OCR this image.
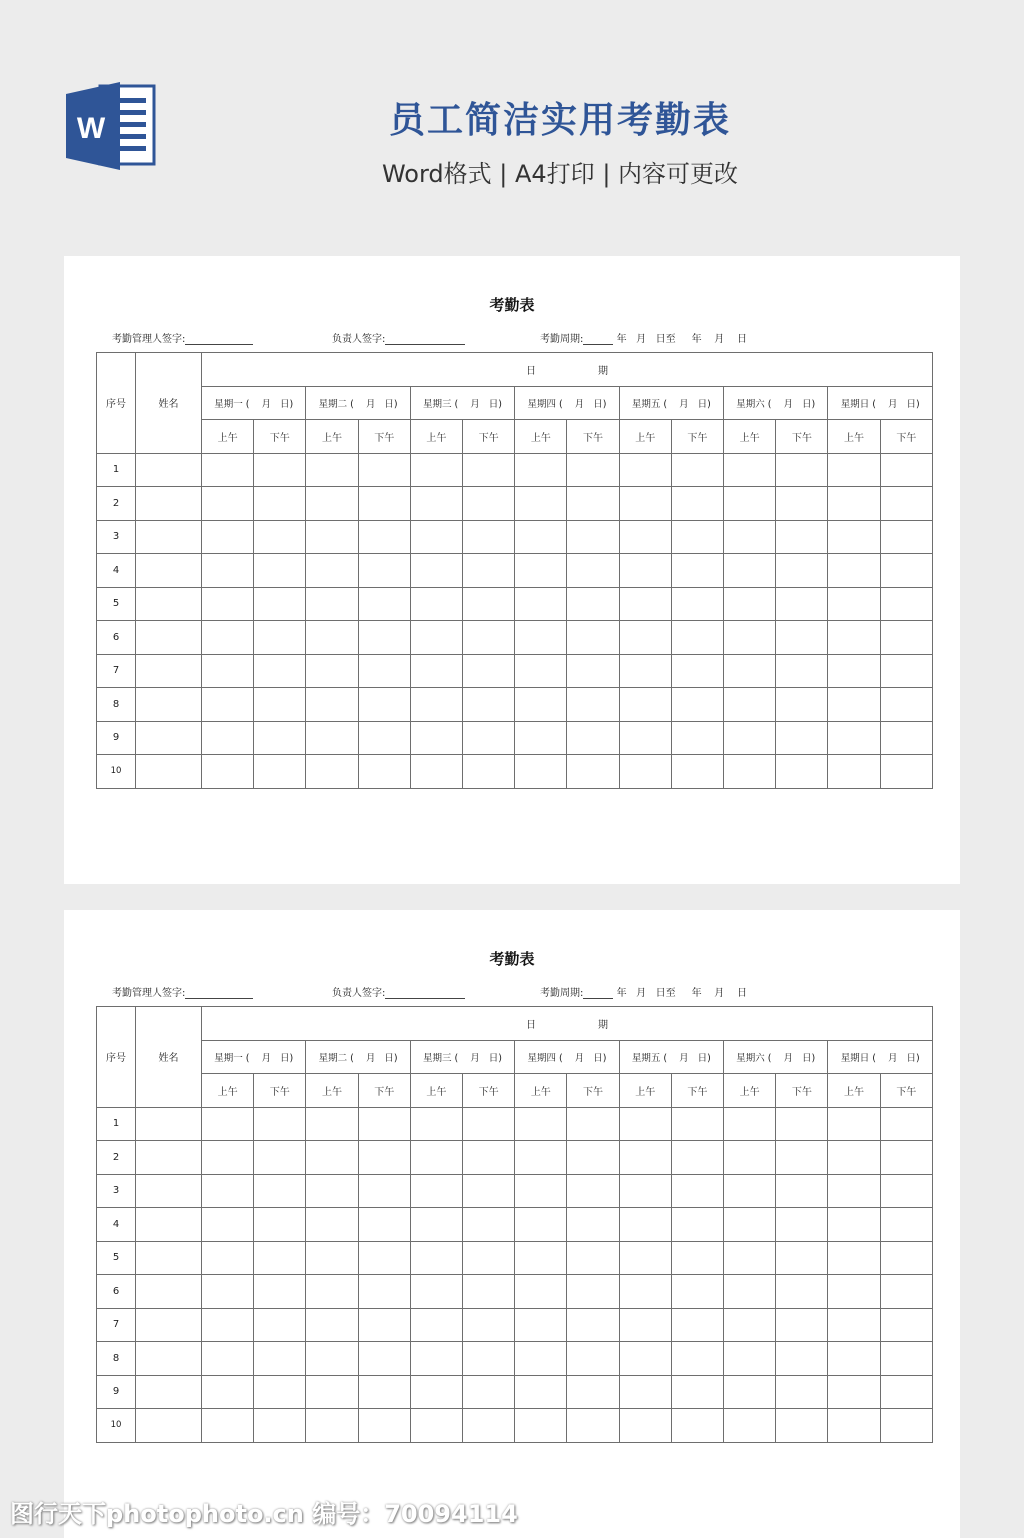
W	员工简洁实用考勤表
Word格式 | A4打印 | 内容可更改
考勤表
考勤管理人签字:	负责人签字:	考勤周期:	年 月 日至 年 月 日
序号	姓名	日 期													
		星期一 ( 月 日)		星期二 ( 月 日)		星期三 ( 月 日)		星期四 ( 月 日)		星期五 ( 月 日)		星期六 ( 月 日)		星期日 ( 月 日)	
		上午	下午	上午	下午	上午	下午	上午	下午	上午	下午	上午	下午	上午	下午
1															
2															
3															
4															
5															
6															
7															
8															
9															
10															
考勤表
考勤管理人签字:	负责人签字:	考勤周期:	年 月 日至 年 月 日
序号	姓名	日 期													
		星期一 ( 月 日)		星期二 ( 月 日)		星期三 ( 月 日)		星期四 ( 月 日)		星期五 ( 月 日)		星期六 ( 月 日)		星期日 ( 月 日)	
		上午	下午	上午	下午	上午	下午	上午	下午	上午	下午	上午	下午	上午	下午
1															
2															
3															
4															
5															
6															
7															
8															
9															
10															
图行天下photophoto.cn 编号：70094114
